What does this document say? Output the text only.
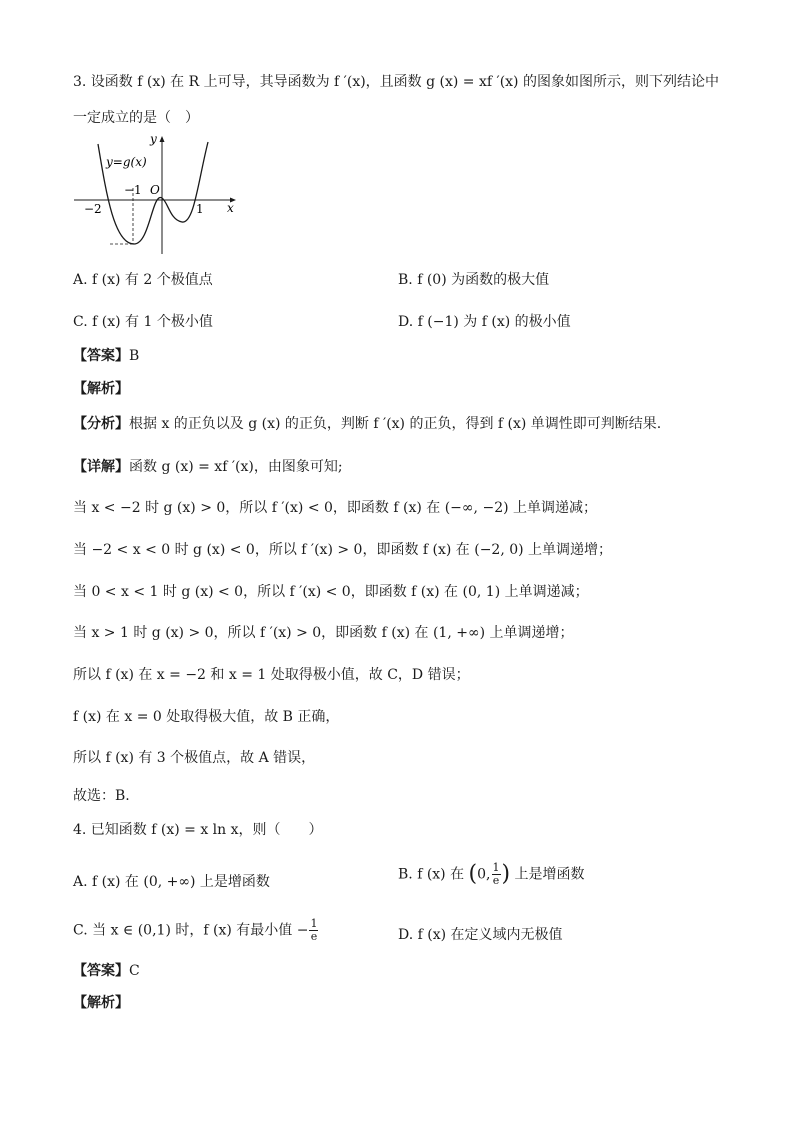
3. 设函数 f (x) 在 R 上可导，其导函数为 f ′(x)，且函数 g (x) = xf ′(x) 的图象如图所示，则下列结论中
一定成立的是（　）
y
y=g(x)
−1 O
−2	1 x
A. f (x) 有 2 个极值点	B. f (0) 为函数的极大值
C. f (x) 有 1 个极小值	D. f (−1) 为 f (x) 的极小值
【答案】B
【解析】
【分析】根据 x 的正负以及 g (x) 的正负，判断 f ′(x) 的正负，得到 f (x) 单调性即可判断结果.
【详解】函数 g (x) = xf ′(x)，由图象可知;
当 x < −2 时 g (x) > 0，所以 f ′(x) < 0，即函数 f (x) 在 (−∞, −2) 上单调递减；
当 −2 < x < 0 时 g (x) < 0，所以 f ′(x) > 0，即函数 f (x) 在 (−2, 0) 上单调递增；
当 0 < x < 1 时 g (x) < 0，所以 f ′(x) < 0，即函数 f (x) 在 (0, 1) 上单调递减；
当 x > 1 时 g (x) > 0，所以 f ′(x) > 0，即函数 f (x) 在 (1, +∞) 上单调递增；
所以 f (x) 在 x = −2 和 x = 1 处取得极小值，故 C，D 错误；
f (x) 在 x = 0 处取得极大值，故 B 正确，
所以 f (x) 有 3 个极值点，故 A 错误，
故选：B.
4. 已知函数 f (x) = x ln x，则（　　）
A. f (x) 在 (0, +∞) 上是增函数	B. f (x) 在 (0, $\frac{1}{e}$ ) 上是增函数
C. 当 x ∈ (0,1) 时，f (x) 有最小值 − $\frac{1}{e}$	D. f (x) 在定义域内无极值
【答案】C
【解析】
